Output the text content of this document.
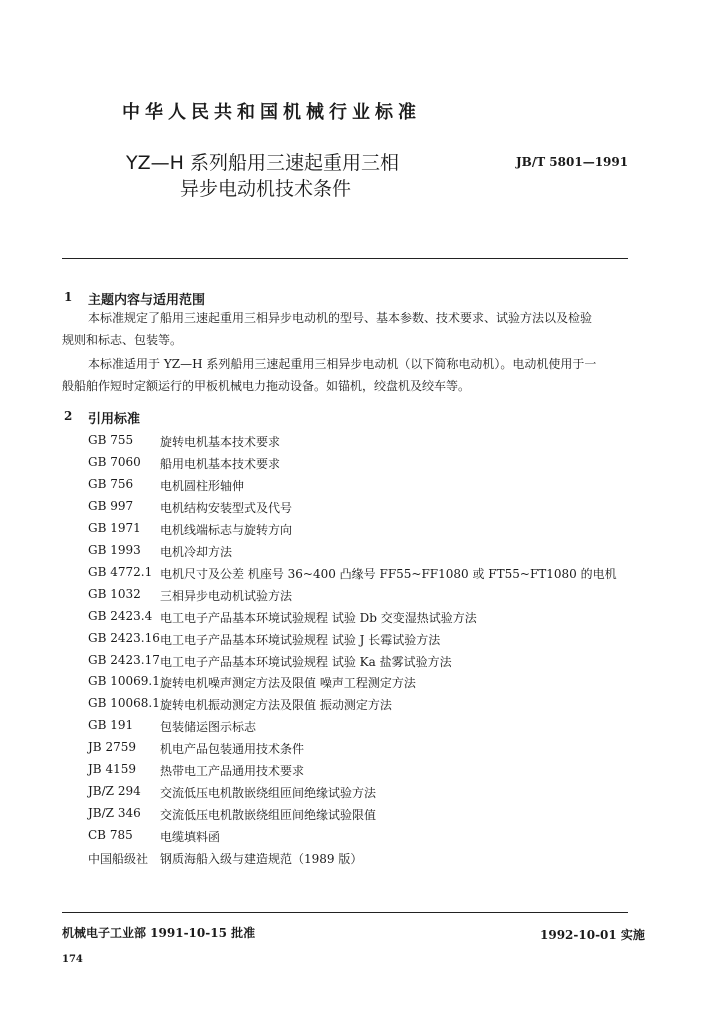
中华人民共和国机械行业标准
YZ—H 系列船用三速起重用三相
异步电动机技术条件
JB/T 5801—1991
1 主题内容与适用范围
本标准规定了船用三速起重用三相异步电动机的型号、基本参数、技术要求、试验方法以及检验
规则和标志、包装等。
本标准适用于 YZ—H 系列船用三速起重用三相异步电动机（以下简称电动机）。电动机使用于一
般船舶作短时定额运行的甲板机械电力拖动设备。如锚机，绞盘机及绞车等。
2 引用标准
GB 755 旋转电机基本技术要求
GB 7060 船用电机基本技术要求
GB 756 电机圆柱形轴伸
GB 997 电机结构安装型式及代号
GB 1971 电机线端标志与旋转方向
GB 1993 电机冷却方法
GB 4772.1 电机尺寸及公差 机座号 36~400 凸缘号 FF55~FF1080 或 FT55~FT1080 的电机
GB 1032 三相异步电动机试验方法
GB 2423.4 电工电子产品基本环境试验规程 试验 Db 交变湿热试验方法
GB 2423.16 电工电子产品基本环境试验规程 试验 J 长霉试验方法
GB 2423.17 电工电子产品基本环境试验规程 试验 Ka 盐雾试验方法
GB 10069.1 旋转电机噪声测定方法及限值 噪声工程测定方法
GB 10068.1 旋转电机振动测定方法及限值 振动测定方法
GB 191 包装储运图示标志
JB 2759 机电产品包装通用技术条件
JB 4159 热带电工产品通用技术要求
JB/Z 294 交流低压电机散嵌绕组匝间绝缘试验方法
JB/Z 346 交流低压电机散嵌绕组匝间绝缘试验限值
CB 785 电缆填料函
中国船级社 钢质海船入级与建造规范（1989 版）
机械电子工业部 1991-10-15 批准	1992-10-01 实施
174
